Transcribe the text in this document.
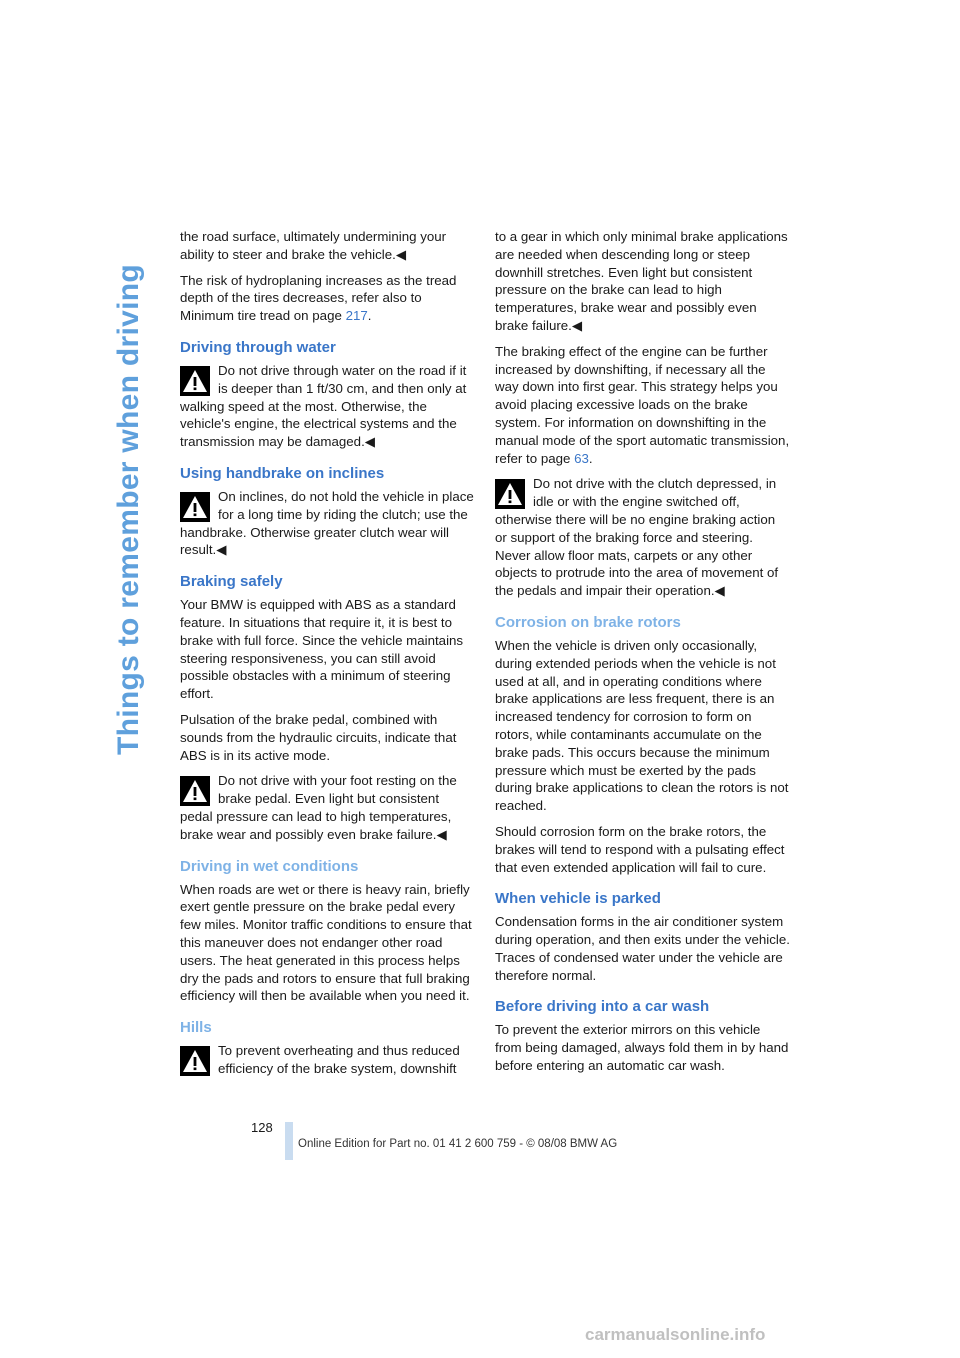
Things to remember when driving

the road surface, ultimately undermining your ability to steer and brake the vehicle.◀

The risk of hydroplaning increases as the tread depth of the tires decreases, refer also to Minimum tire tread on page 217.

Driving through water
Do not drive through water on the road if it is deeper than 1 ft/30 cm, and then only at walking speed at the most. Otherwise, the vehicle's engine, the electrical systems and the transmission may be damaged.◀
Using handbrake on inclines
On inclines, do not hold the vehicle in place for a long time by riding the clutch; use the handbrake. Otherwise greater clutch wear will result.◀
Braking safely

Your BMW is equipped with ABS as a standard feature. In situations that require it, it is best to brake with full force. Since the vehicle maintains steering responsiveness, you can still avoid possible obstacles with a minimum of steering effort.

Pulsation of the brake pedal, combined with sounds from the hydraulic circuits, indicate that ABS is in its active mode.

Do not drive with your foot resting on the brake pedal. Even light but consistent pedal pressure can lead to high temperatures, brake wear and possibly even brake failure.◀
Driving in wet conditions

When roads are wet or there is heavy rain, briefly exert gentle pressure on the brake pedal every few miles. Monitor traffic conditions to ensure that this maneuver does not endanger other road users. The heat generated in this process helps dry the pads and rotors to ensure that full braking efficiency will then be available when you need it.

Hills
To prevent overheating and thus reduced efficiency of the brake system, downshift

to a gear in which only minimal brake applications are needed when descending long or steep downhill stretches. Even light but consistent pressure on the brake can lead to high temperatures, brake wear and possibly even brake failure.◀

The braking effect of the engine can be further increased by downshifting, if necessary all the way down into first gear. This strategy helps you avoid placing excessive loads on the brake system. For information on downshifting in the manual mode of the sport automatic transmission, refer to page 63.

Do not drive with the clutch depressed, in idle or with the engine switched off, otherwise there will be no engine braking action or support of the braking force and steering. Never allow floor mats, carpets or any other objects to protrude into the area of movement of the pedals and impair their operation.◀
Corrosion on brake rotors

When the vehicle is driven only occasionally, during extended periods when the vehicle is not used at all, and in operating conditions where brake applications are less frequent, there is an increased tendency for corrosion to form on rotors, while contaminants accumulate on the brake pads. This occurs because the minimum pressure which must be exerted by the pads during brake applications to clean the rotors is not reached.

Should corrosion form on the brake rotors, the brakes will tend to respond with a pulsating effect that even extended application will fail to cure.

When vehicle is parked

Condensation forms in the air conditioner system during operation, and then exits under the vehicle. Traces of condensed water under the vehicle are therefore normal.

Before driving into a car wash

To prevent the exterior mirrors on this vehicle from being damaged, always fold them in by hand before entering an automatic car wash.

128
Online Edition for Part no. 01 41 2 600 759 - © 08/08 BMW AG
carmanualsonline.info
